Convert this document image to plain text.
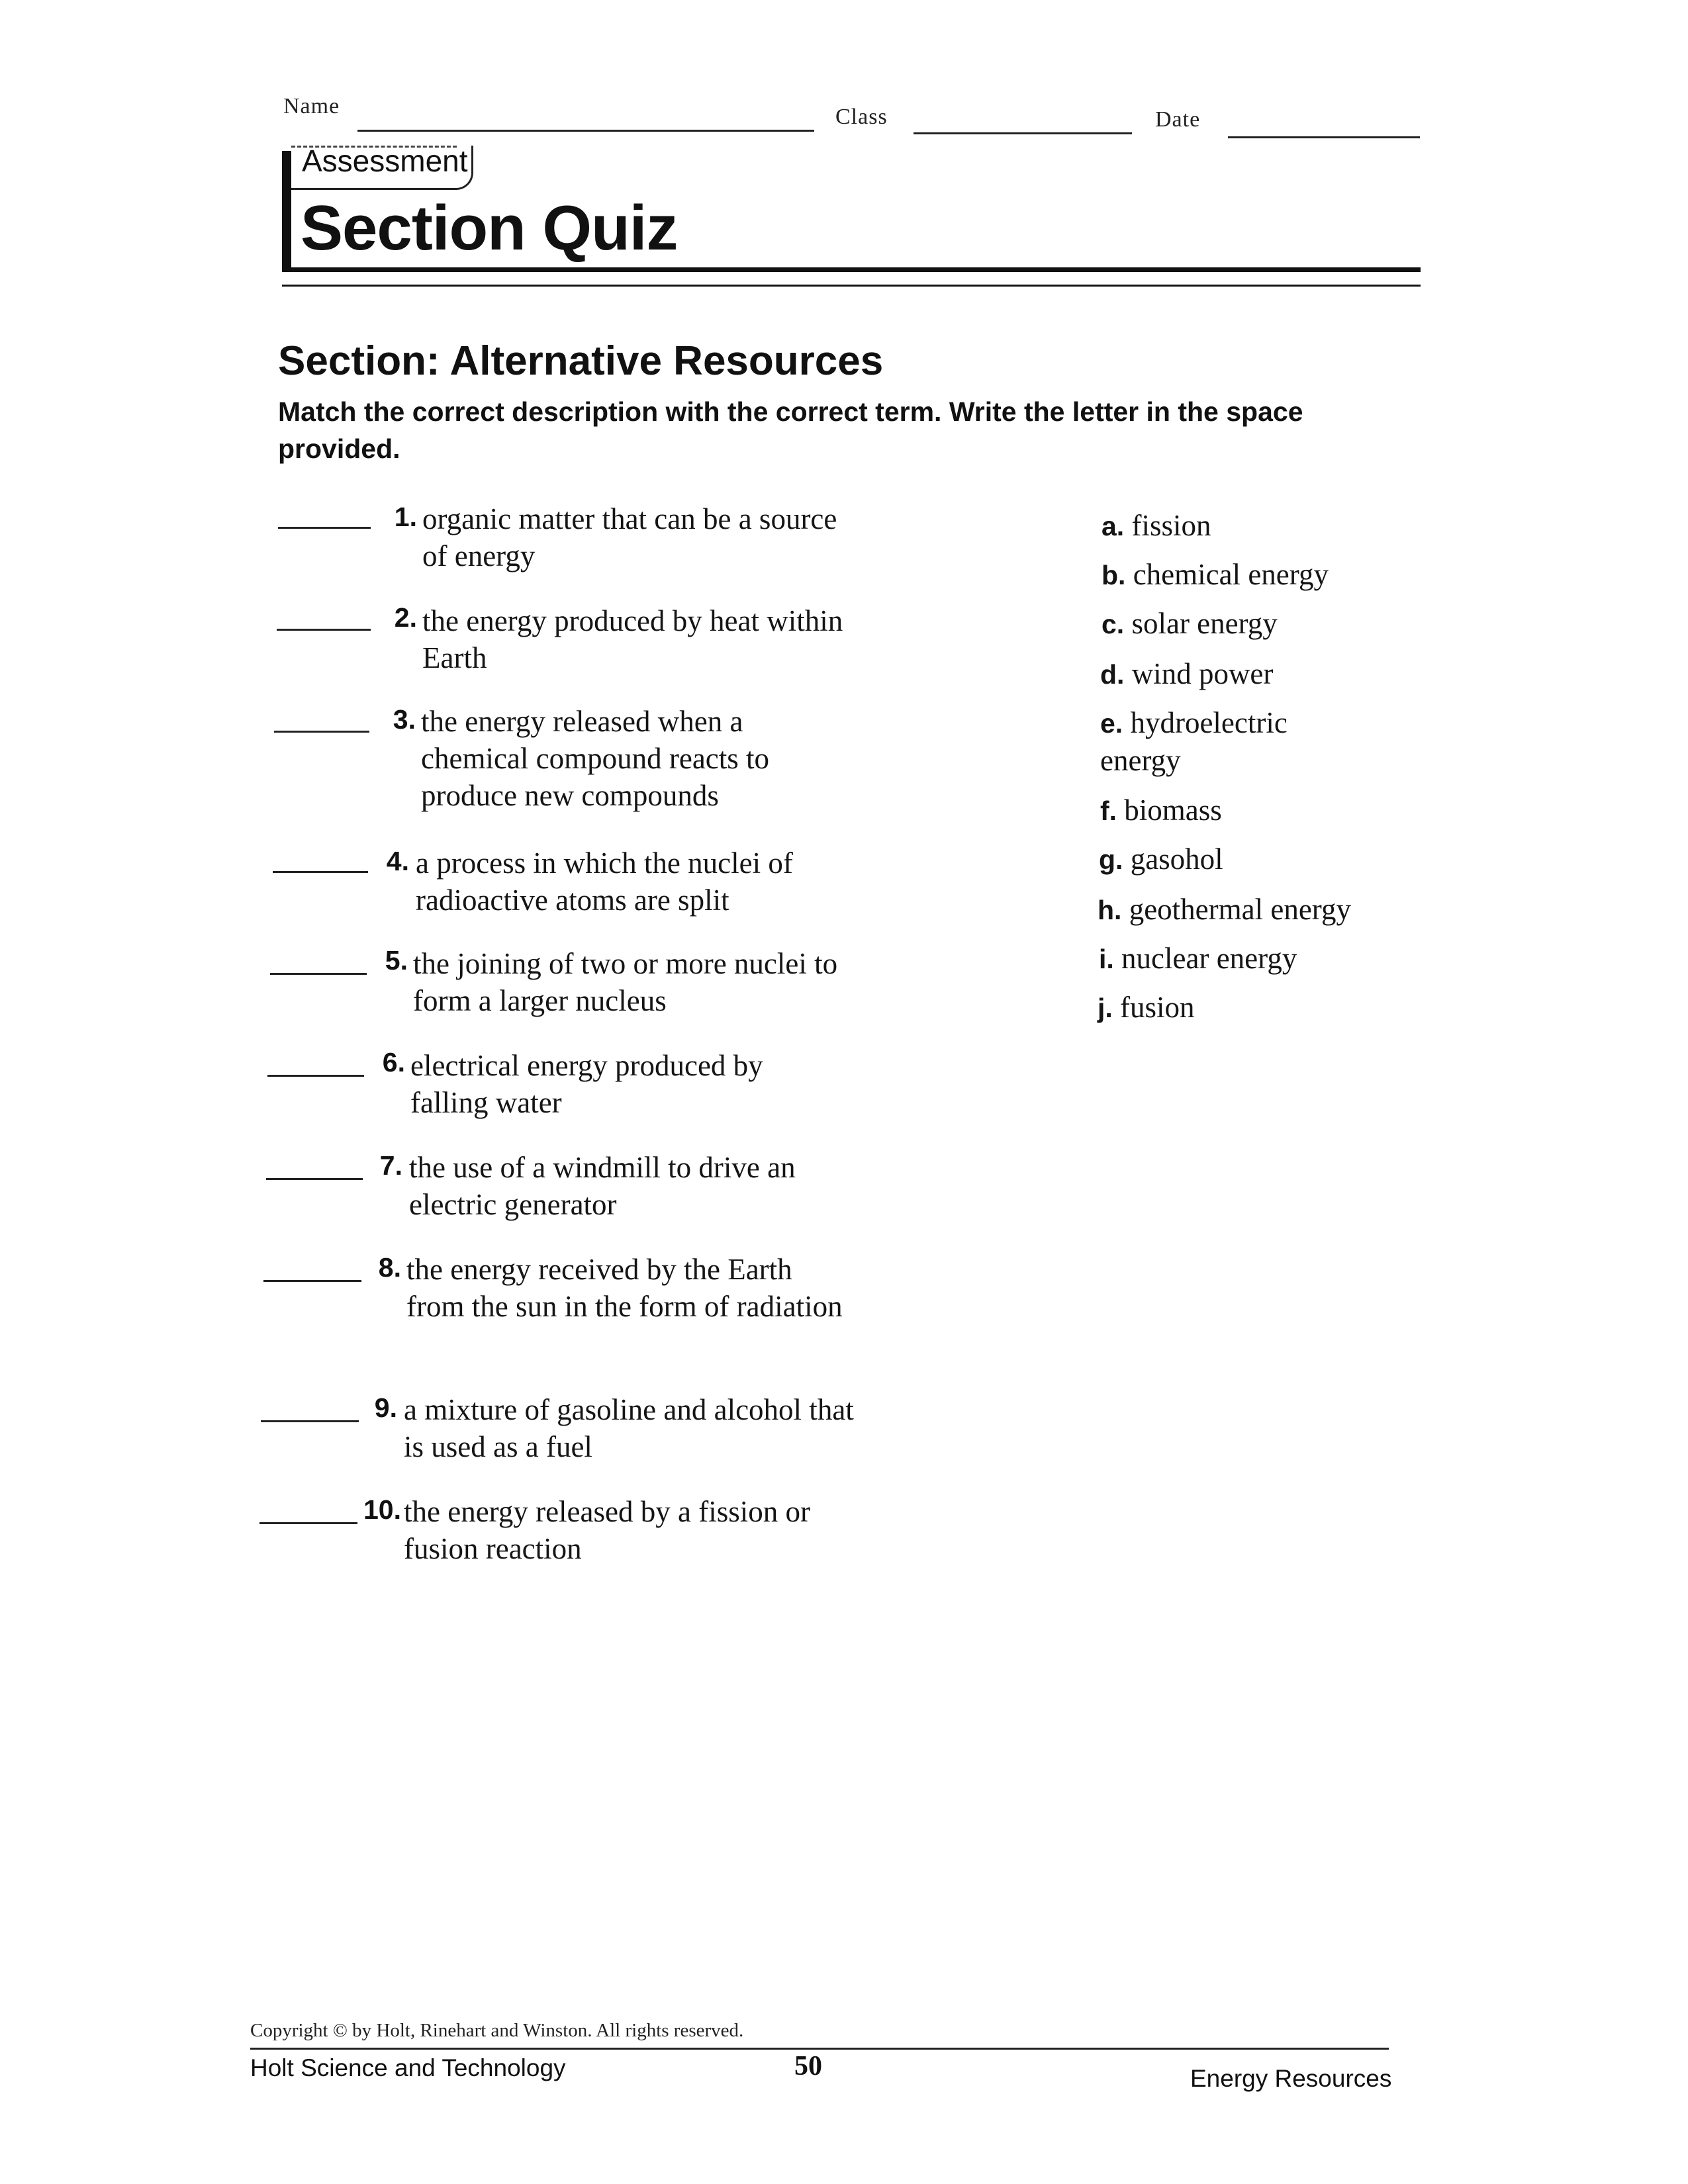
Name	Class	Date
Assessment
Section Quiz
Section: Alternative Resources
Match the correct description with the correct term. Write the letter in the space provided.
1. organic matter that can be a source of energy
2. the energy produced by heat within Earth
3. the energy released when a chemical compound reacts to produce new compounds
4. a process in which the nuclei of radioactive atoms are split
5. the joining of two or more nuclei to form a larger nucleus
6. electrical energy produced by falling water
7. the use of a windmill to drive an electric generator
8. the energy received by the Earth from the sun in the form of radiation
9. a mixture of gasoline and alcohol that is used as a fuel
10. the energy released by a fission or fusion reaction
a. fission
b. chemical energy
c. solar energy
d. wind power
e. hydroelectric energy
f. biomass
g. gasohol
h. geothermal energy
i. nuclear energy
j. fusion
Copyright © by Holt, Rinehart and Winston. All rights reserved.
Holt Science and Technology	50	Energy Resources
